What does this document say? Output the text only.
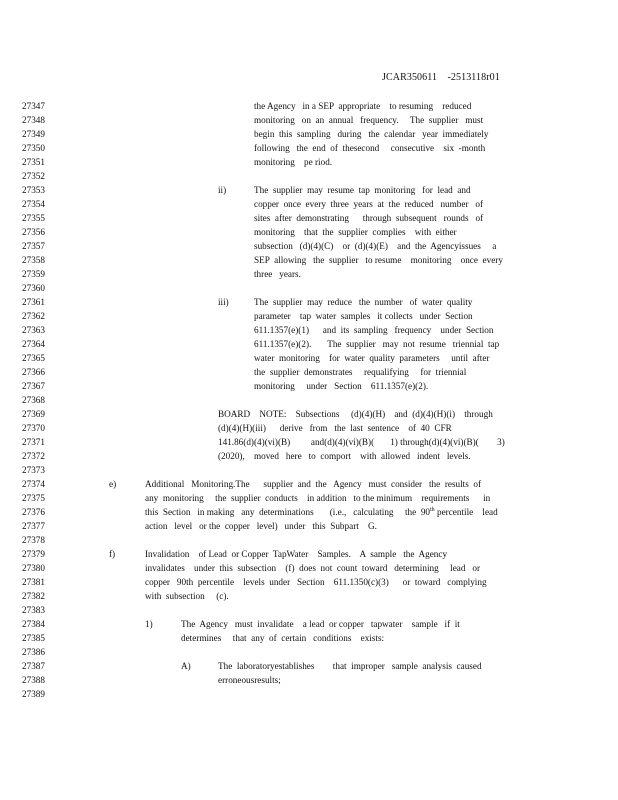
JCAR350611    -2513118r01
27347
27348
27349
27350
27351
27352
27353
27354
27355
27356
27357
27358
27359
27360
27361
27362
27363
27364
27365
27366
27367
27368
27369
27370
27371
27372
27373
27374
27375
27376
27377
27378
27379
27380
27381
27382
27383
27384
27385
27386
27387
27388
27389
the Agency   in a SEP  appropriate    to resuming    reduced
monitoring   on  an  annual   frequency.     The  supplier   must
begin  this  sampling   during   the  calendar   year  immediately
following   the  end  of  thesecond     consecutive    six  -month
monitoring    pe riod.
ii)	The  supplier  may  resume  tap  monitoring   for  lead  and
copper  once  every  three  years  at  the  reduced   number   of
sites  after  demonstrating      through  subsequent   rounds   of
monitoring    that  the  supplier  complies    with  either
subsection   (d)(4)(C)    or  (d)(4)(E)    and  the  Agencyissues     a
SEP  allowing   the  supplier   to resume    monitoring    once  every
three   years.
iii)	The  supplier  may  reduce   the  number   of  water  quality
parameter    tap  water  samples   it collects   under  Section
611.1357(e)(1)      and  its  sampling   frequency    under  Section
611.1357(e)(2).       The  supplier   may  not  resume   triennial  tap
water  monitoring    for  water  quality  parameters     until  after
the  supplier  demonstrates     requalifying     for  triennial
monitoring     under   Section    611.1357(e)(2).
BOARD    NOTE:    Subsections     (d)(4)(H)    and  (d)(4)(H)(i)    through
(d)(4)(H)(iii)      derive   from   the  last  sentence    of  40  CFR
141.86(d)(4)(vi)(B)         and(d)(4)(vi)(B)(       1) through(d)(4)(vi)(B)(        3)
(2020),    moved   here   to  comport    with  allowed   indent   levels.
e)	Additional   Monitoring.The      supplier  and  the   Agency   must  consider   the  results  of
any  monitoring     the  supplier  conducts    in addition   to the minimum    requirements      in
this  Section   in making   any  determinations       (i.e.,   calculating     the  90th percentile    lead
action   level   or the  copper   level)   under   this  Subpart    G.
f)	Invalidation    of Lead  or Copper  TapWater    Samples.    A  sample   the  Agency
invalidates    under  this  subsection    (f)  does  not  count  toward   determining     lead   or
copper   90th  percentile    levels  under   Section    611.1350(c)(3)      or  toward   complying
with  subsection     (c).
1)	The  Agency   must  invalidate    a lead  or copper   tapwater    sample   if  it
determines     that  any  of  certain   conditions    exists:
A)	The  laboratoryestablishes        that  improper   sample  analysis  caused
erroneousresults;
